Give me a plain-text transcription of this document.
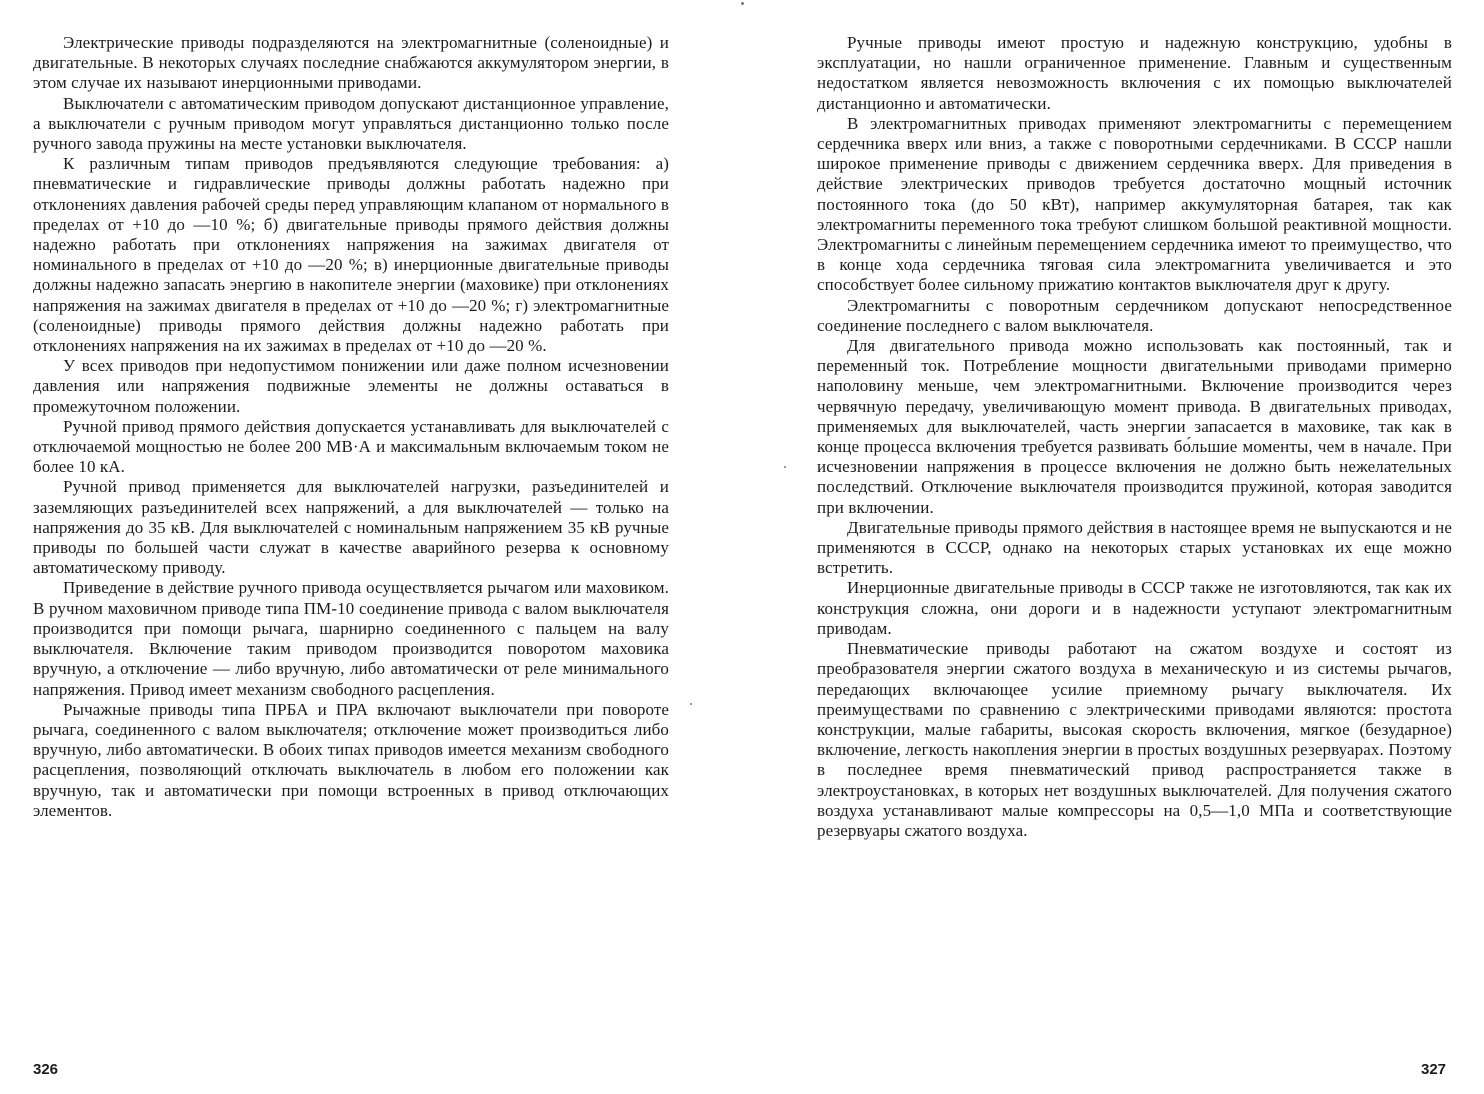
Электрические приводы подразделяются на электромагнитные (соленоидные) и двигательные. В некоторых случаях последние снабжаются аккумулятором энергии, в этом случае их называют инерционными приводами.

Выключатели с автоматическим приводом допускают дистанционное управление, а выключатели с ручным приводом могут управляться дистанционно только после ручного завода пружины на месте установки выключателя.

К различным типам приводов предъявляются следующие требования: а) пневматические и гидравлические приводы должны работать надежно при отклонениях давления рабочей среды перед управляющим клапаном от нормального в пределах от +10 до —10 %; б) двигательные приводы прямого действия должны надежно работать при отклонениях напряжения на зажимах двигателя от номинального в пределах от +10 до —20 %; в) инерционные двигательные приводы должны надежно запасать энергию в накопителе энергии (маховике) при отклонениях напряжения на зажимах двигателя в пределах от +10 до —20 %; г) электромагнитные (соленоидные) приводы прямого действия должны надежно работать при отклонениях напряжения на их зажимах в пределах от +10 до —20 %.

У всех приводов при недопустимом понижении или даже полном исчезновении давления или напряжения подвижные элементы не должны оставаться в промежуточном положении.

Ручной привод прямого действия допускается устанавливать для выключателей с отключаемой мощностью не более 200 МВ·А и максимальным включаемым током не более 10 кА.

Ручной привод применяется для выключателей нагрузки, разъединителей и заземляющих разъединителей всех напряжений, а для выключателей — только на напряжения до 35 кВ. Для выключателей с номинальным напряжением 35 кВ ручные приводы по большей части служат в качестве аварийного резерва к основному автоматическому приводу.

Приведение в действие ручного привода осуществляется рычагом или маховиком. В ручном маховичном приводе типа ПМ-10 соединение привода с валом выключателя производится при помощи рычага, шарнирно соединенного с пальцем на валу выключателя. Включение таким приводом производится поворотом маховика вручную, а отключение — либо вручную, либо автоматически от реле минимального напряжения. Привод имеет механизм свободного расцепления.

Рычажные приводы типа ПРБА и ПРА включают выключатели при повороте рычага, соединенного с валом выключателя; отключение может производиться либо вручную, либо автоматически. В обоих типах приводов имеется механизм свободного расцепления, позволяющий отключать выключатель в любом его положении как вручную, так и автоматически при помощи встроенных в привод отключающих элементов.

326

Ручные приводы имеют простую и надежную конструкцию, удобны в эксплуатации, но нашли ограниченное применение. Главным и существенным недостатком является невозможность включения с их помощью выключателей дистанционно и автоматически.

В электромагнитных приводах применяют электромагниты с перемещением сердечника вверх или вниз, а также с поворотными сердечниками. В СССР нашли широкое применение приводы с движением сердечника вверх. Для приведения в действие электрических приводов требуется достаточно мощный источник постоянного тока (до 50 кВт), например аккумуляторная батарея, так как электромагниты переменного тока требуют слишком большой реактивной мощности. Электромагниты с линейным перемещением сердечника имеют то преимущество, что в конце хода сердечника тяговая сила электромагнита увеличивается и это способствует более сильному прижатию контактов выключателя друг к другу.

Электромагниты с поворотным сердечником допускают непосредственное соединение последнего с валом выключателя.

Для двигательного привода можно использовать как постоянный, так и переменный ток. Потребление мощности двигательными приводами примерно наполовину меньше, чем электромагнитными. Включение производится через червячную передачу, увеличивающую момент привода. В двигательных приводах, применяемых для выключателей, часть энергии запасается в маховике, так как в конце процесса включения требуется развивать бо́льшие моменты, чем в начале. При исчезновении напряжения в процессе включения не должно быть нежелательных последствий. Отключение выключателя производится пружиной, которая заводится при включении.

Двигательные приводы прямого действия в настоящее время не выпускаются и не применяются в СССР, однако на некоторых старых установках их еще можно встретить.

Инерционные двигательные приводы в СССР также не изготовляются, так как их конструкция сложна, они дороги и в надежности уступают электромагнитным приводам.

Пневматические приводы работают на сжатом воздухе и состоят из преобразователя энергии сжатого воздуха в механическую и из системы рычагов, передающих включающее усилие приемному рычагу выключателя. Их преимуществами по сравнению с электрическими приводами являются: простота конструкции, малые габариты, высокая скорость включения, мягкое (безударное) включение, легкость накопления энергии в простых воздушных резервуарах. Поэтому в последнее время пневматический привод распространяется также в электроустановках, в которых нет воздушных выключателей. Для получения сжатого воздуха устанавливают малые компрессоры на 0,5—1,0 МПа и соответствующие резервуары сжатого воздуха.

327
